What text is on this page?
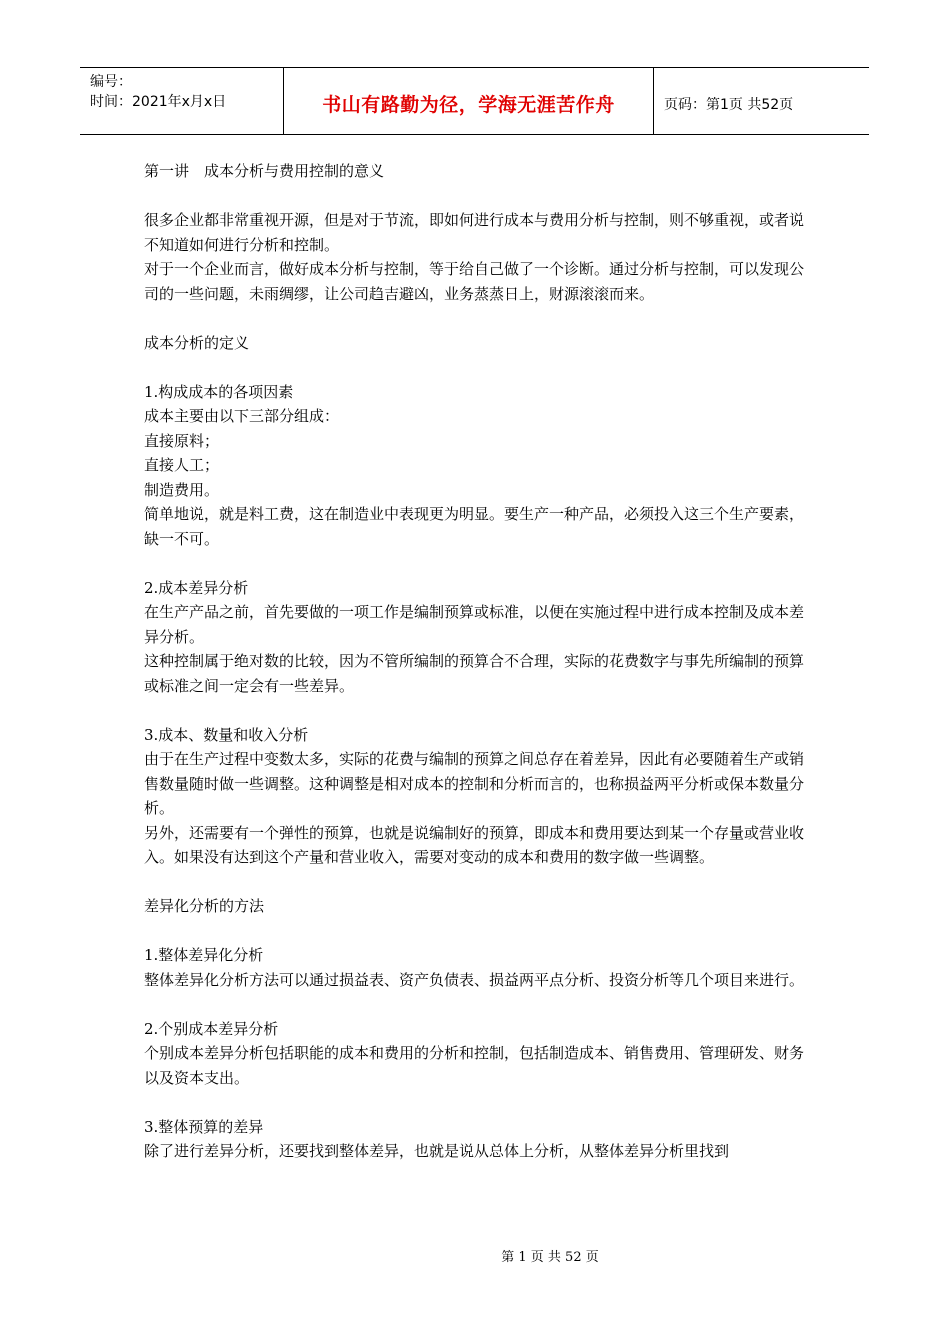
编号：
时间：2021年x月x日	书山有路勤为径，学海无涯苦作舟	页码：第1页 共52页

第一讲　成本分析与费用控制的意义

很多企业都非常重视开源，但是对于节流，即如何进行成本与费用分析与控制，则不够重视，或者说不知道如何进行分析和控制。

对于一个企业而言，做好成本分析与控制，等于给自己做了一个诊断。通过分析与控制，可以发现公司的一些问题，未雨绸缪，让公司趋吉避凶，业务蒸蒸日上，财源滚滚而来。

成本分析的定义

1.构成成本的各项因素

成本主要由以下三部分组成：

直接原料；

直接人工；

制造费用。

简单地说，就是料工费，这在制造业中表现更为明显。要生产一种产品，必须投入这三个生产要素，缺一不可。

2.成本差异分析

在生产产品之前，首先要做的一项工作是编制预算或标准，以便在实施过程中进行成本控制及成本差异分析。

这种控制属于绝对数的比较，因为不管所编制的预算合不合理，实际的花费数字与事先所编制的预算或标准之间一定会有一些差异。

3.成本、数量和收入分析

由于在生产过程中变数太多，实际的花费与编制的预算之间总存在着差异，因此有必要随着生产或销售数量随时做一些调整。这种调整是相对成本的控制和分析而言的，也称损益两平分析或保本数量分析。

另外，还需要有一个弹性的预算，也就是说编制好的预算，即成本和费用要达到某一个存量或营业收入。如果没有达到这个产量和营业收入，需要对变动的成本和费用的数字做一些调整。

差异化分析的方法

1.整体差异化分析

整体差异化分析方法可以通过损益表、资产负债表、损益两平点分析、投资分析等几个项目来进行。

2.个别成本差异分析

个别成本差异分析包括职能的成本和费用的分析和控制，包括制造成本、销售费用、管理研发、财务以及资本支出。

3.整体预算的差异

除了进行差异分析，还要找到整体差异，也就是说从总体上分析，从整体差异分析里找到

第 1 页 共 52 页
